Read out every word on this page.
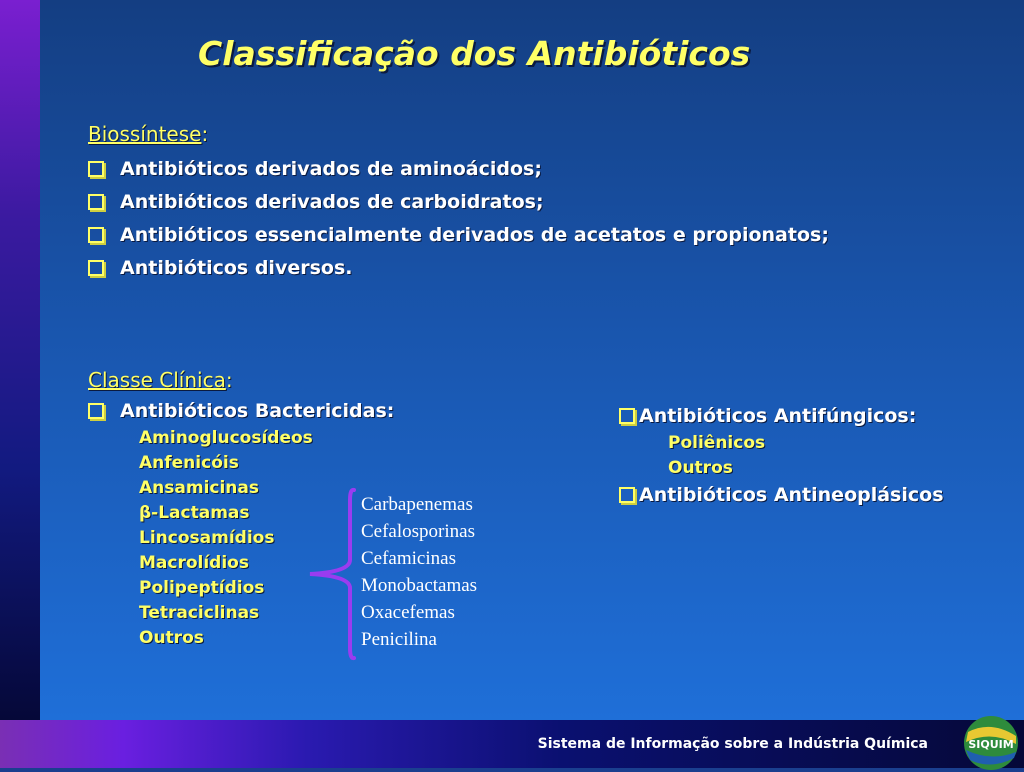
Classificação dos Antibióticos
Biossíntese:
Antibióticos derivados de aminoácidos;
Antibióticos derivados de carboidratos;
Antibióticos essencialmente derivados de acetatos e propionatos;
Antibióticos diversos.
Classe Clínica:
Antibióticos Bactericidas:
Aminoglucosídeos
Anfenicóis
Ansamicinas
β-Lactamas
Lincosamídios
Macrolídios
Polipeptídios
Tetraciclinas
Outros
Carbapenemas
Cefalosporinas
Cefamicinas
Monobactamas
Oxacefemas
Penicilina
Antibióticos Antifúngicos:
Poliênicos
Outros
Antibióticos Antineoplásicos
Sistema de Informação sobre a Indústria Química	SIQUIM
